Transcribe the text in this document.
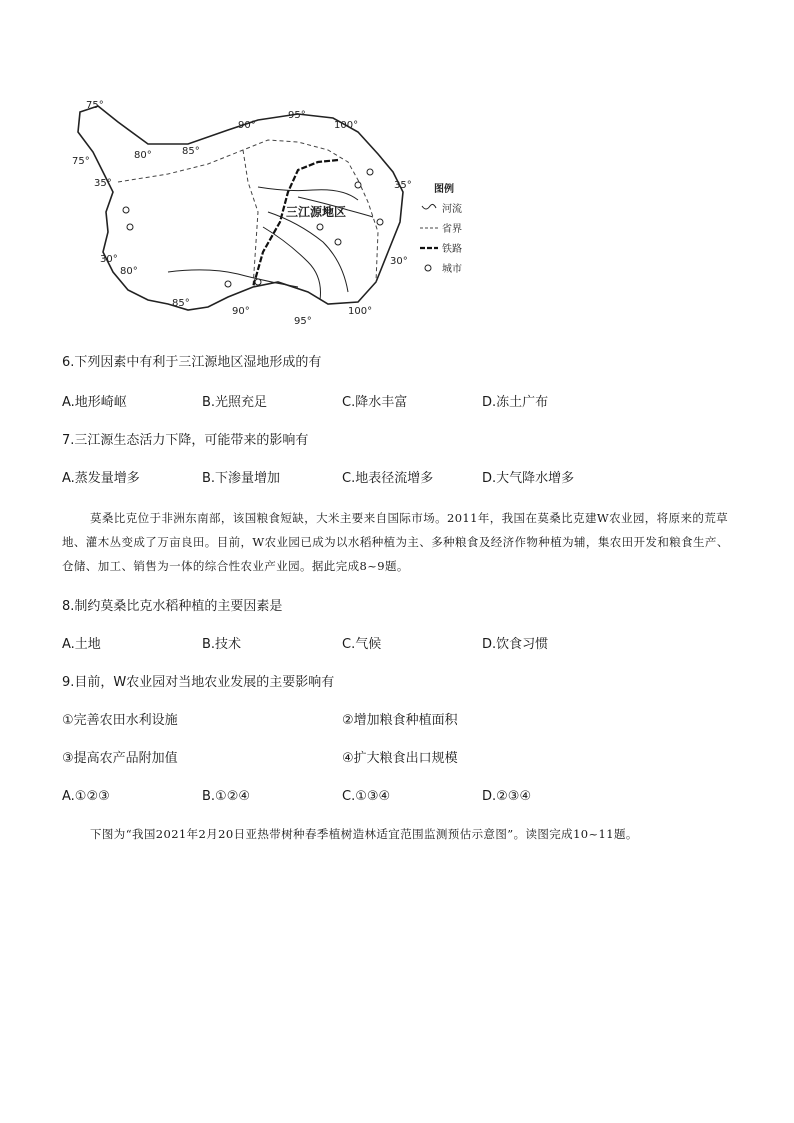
75°
75°
80°	85°
90°
95°
100°
80°
85°
90°
95°
100°
35°	35°
30°	30°
三江源地区
图例
河流
省界
铁路
城市
6.下列因素中有利于三江源地区湿地形成的有
A.地形崎岖	B.光照充足	C.降水丰富	D.冻土广布
7.三江源生态活力下降，可能带来的影响有
A.蒸发量增多	B.下渗量增加	C.地表径流增多	D.大气降水增多
莫桑比克位于非洲东南部，该国粮食短缺，大米主要来自国际市场。2011年，我国在莫桑比克建W农业园，将原来的荒草地、灌木丛变成了万亩良田。目前，W农业园已成为以水稻种植为主、多种粮食及经济作物种植为辅，集农田开发和粮食生产、仓储、加工、销售为一体的综合性农业产业园。据此完成8~9题。
8.制约莫桑比克水稻种植的主要因素是
A.土地	B.技术	C.气候	D.饮食习惯
9.目前，W农业园对当地农业发展的主要影响有
①完善农田水利设施	②增加粮食种植面积
③提高农产品附加值	④扩大粮食出口规模
A.①②③	B.①②④	C.①③④	D.②③④
下图为“我国2021年2月20日亚热带树种春季植树造林适宜范围监测预估示意图”。读图完成10~11题。
